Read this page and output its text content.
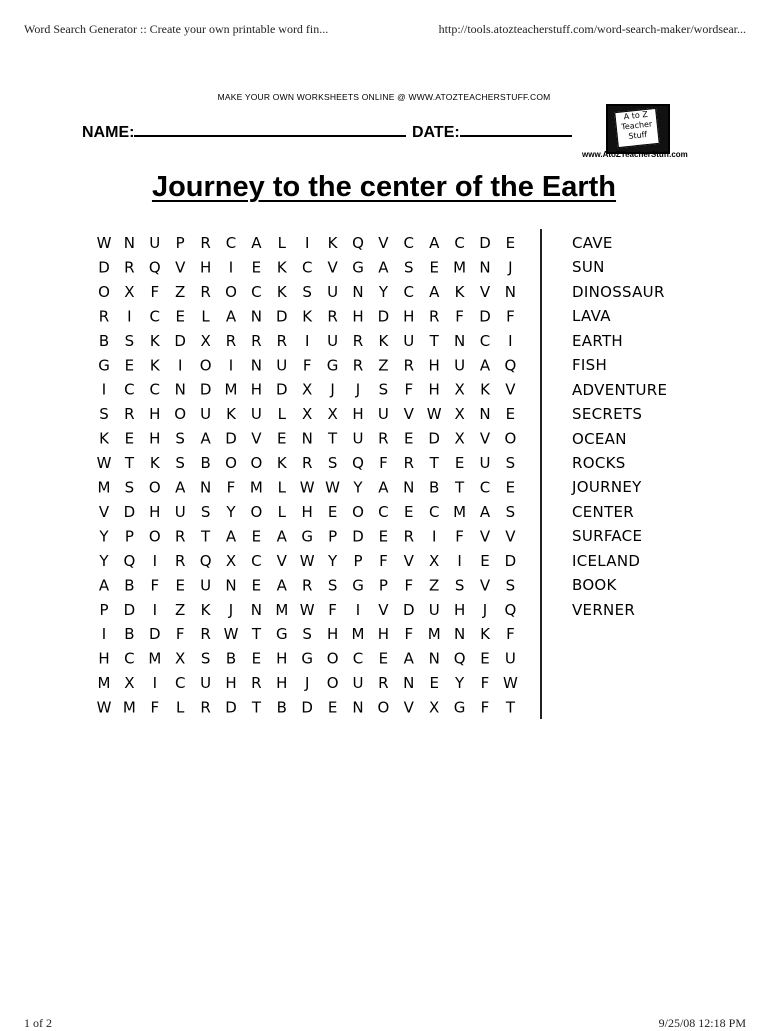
Word Search Generator :: Create your own printable word fin...	http://tools.atozteacherstuff.com/word-search-maker/wordsear...
MAKE YOUR OWN WORKSHEETS ONLINE @ WWW.ATOZTEACHERSTUFF.COM
NAME:	DATE:
A to Z
Teacher
Stuff
www.AtoZTeacherStuff.com
Journey to the center of the Earth
W N U P R C A L I K Q V C A C D E
D R Q V H I E K C V G A S E M N J
O X F Z R O C K S U N Y C A K V N
R I C E L A N D K R H D H R F D F
B S K D X R R R I U R K U T N C I
G E K I O I N U F G R Z R H U A Q
I C C N D M H D X J J S F H X K V
S R H O U K U L X X H U V W X N E
K E H S A D V E N T U R E D X V O
W T K S B O O K R S Q F R T E U S
M S O A N F M L W W Y A N B T C E
V D H U S Y O L H E O C E C M A S
Y P O R T A E A G P D E R I F V V
Y Q I R Q X C V W Y P F V X I E D
A B F E U N E A R S G P F Z S V S
P D I Z K J N M W F I V D U H J Q
I B D F R W T G S H M H F M N K F
H C M X S B E H G O C E A N Q E U
M X I C U H R H J O U R N E Y F W
W M F L R D T B D E N O V X G F T
CAVE
SUN
DINOSSAUR
LAVA
EARTH
FISH
ADVENTURE
SECRETS
OCEAN
ROCKS
JOURNEY
CENTER
SURFACE
ICELAND
BOOK
VERNER
1 of 2	9/25/08 12:18 PM
